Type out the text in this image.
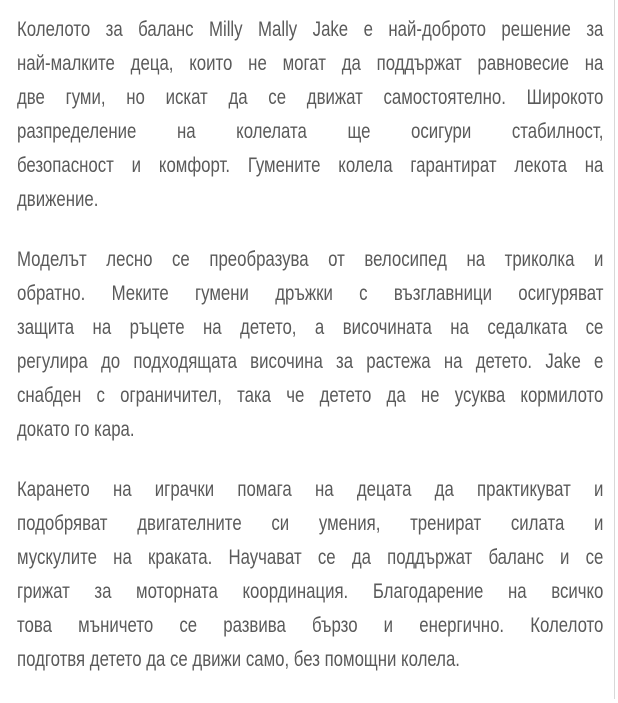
Колелото за баланс Milly Mally Jake е най-доброто решение за
най-малките деца, които не могат да поддържат равновесие на
две гуми, но искат да се движат самостоятелно. Широкото
разпределение на колелата ще осигури стабилност,
безопасност и комфорт. Гумените колела гарантират лекота на
движение.

Моделът лесно се преобразува от велосипед на триколка и
обратно. Меките гумени дръжки с възглавници осигуряват
защита на ръцете на детето, а височината на седалката се
регулира до подходящата височина за растежа на детето. Jake е
снабден с ограничител, така че детето да не усуква кормилото
докато го кара.

Карането на играчки помага на децата да практикуват и
подобряват двигателните си умения, тренират силата и
мускулите на краката. Научават се да поддържат баланс и се
грижат за моторната координация. Благодарение на всичко
това мъничето се развива бързо и енергично. Колелото
подготвя детето да се движи само, без помощни колела.
